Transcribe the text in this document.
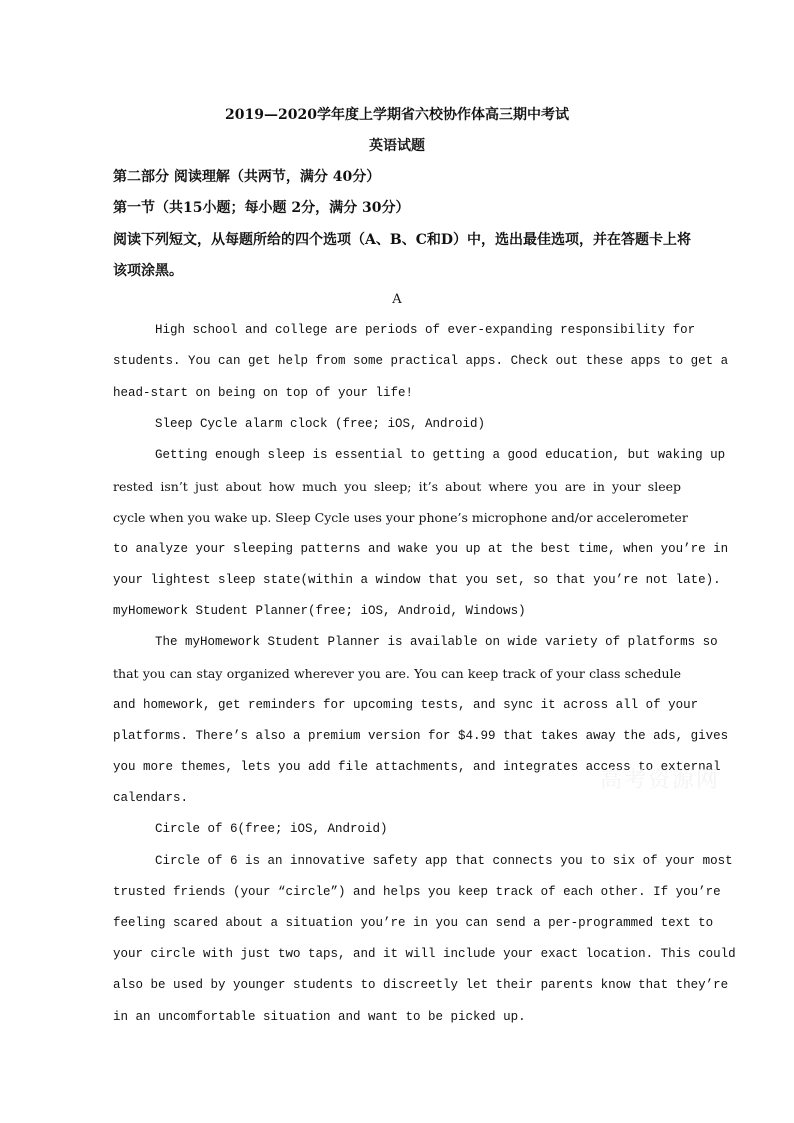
2019—2020学年度上学期省六校协作体高三期中考试
英语试题
第二部分 阅读理解（共两节，满分 40分）
第一节（共15小题；每小题 2分，满分 30分）
阅读下列短文，从每题所给的四个选项（A、B、C和D）中，选出最佳选项，并在答题卡上将
该项涂黑。
A
High school and college are periods of ever-expanding responsibility for
students. You can get help from some practical apps. Check out these apps to get a
head-start on being on top of your life!
Sleep Cycle alarm clock (free; iOS, Android)
Getting enough sleep is essential to getting a good education, but waking up
rested isn’t just about how much you sleep; it’s about where you are in your sleep
cycle when you wake up. Sleep Cycle uses your phone’s microphone and/or accelerometer
to analyze your sleeping patterns and wake you up at the best time, when you’re in
your lightest sleep state(within a window that you set, so that you’re not late).
myHomework Student Planner(free; iOS, Android, Windows)
The myHomework Student Planner is available on wide variety of platforms so
that you can stay organized wherever you are. You can keep track of your class schedule
and homework, get reminders for upcoming tests, and sync it across all of your
platforms. There’s also a premium version for $4.99 that takes away the ads, gives
you more themes, lets you add file attachments, and integrates access to external
calendars.
Circle of 6(free; iOS, Android)
Circle of 6 is an innovative safety app that connects you to six of your most
trusted friends (your “circle”) and helps you keep track of each other. If you’re
feeling scared about a situation you’re in you can send a per-programmed text to
your circle with just two taps, and it will include your exact location. This could
also be used by younger students to discreetly let their parents know that they’re
in an uncomfortable situation and want to be picked up.
高考资源网
